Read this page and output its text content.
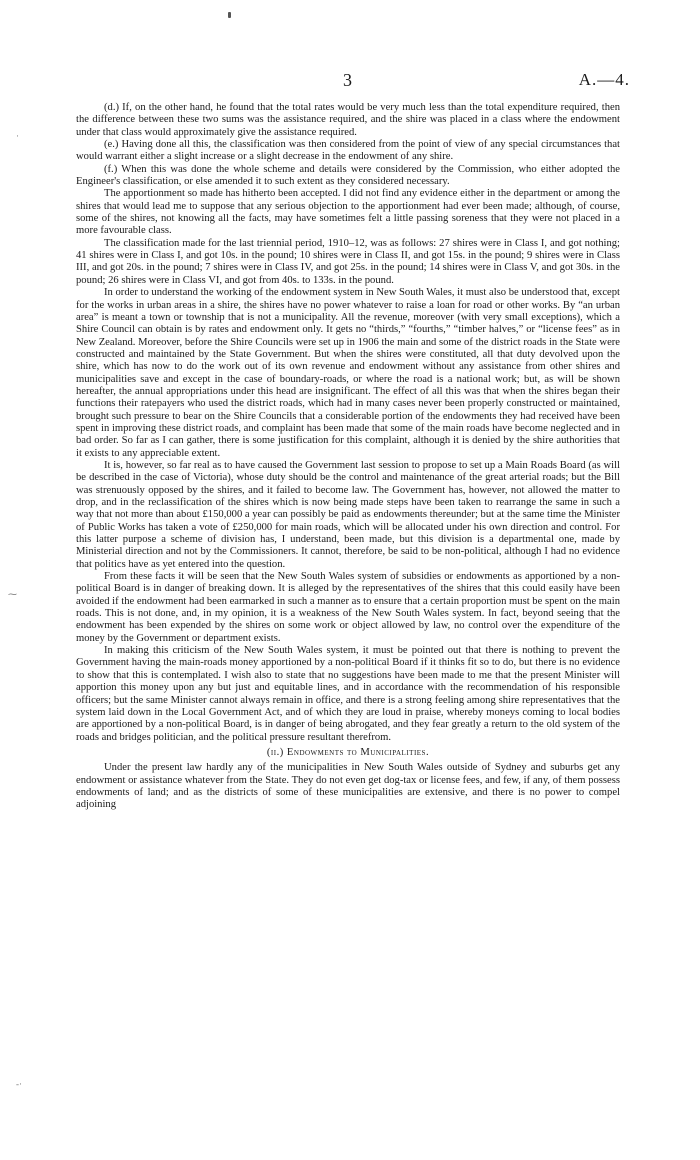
·
⁓
-·
3	A.—4.

(d.) If, on the other hand, he found that the total rates would be very much less than the total expenditure required, then the difference between these two sums was the assistance required, and the shire was placed in a class where the endowment under that class would approximately give the assistance required.

(e.) Having done all this, the classification was then considered from the point of view of any special circumstances that would warrant either a slight increase or a slight decrease in the endowment of any shire.

(f.) When this was done the whole scheme and details were considered by the Commission, who either adopted the Engineer's classification, or else amended it to such extent as they considered necessary.

The apportionment so made has hitherto been accepted. I did not find any evidence either in the department or among the shires that would lead me to suppose that any serious objection to the apportionment had ever been made; although, of course, some of the shires, not knowing all the facts, may have sometimes felt a little passing soreness that they were not placed in a more favourable class.

The classification made for the last triennial period, 1910–12, was as follows: 27 shires were in Class I, and got nothing; 41 shires were in Class I, and got 10s. in the pound; 10 shires were in Class II, and got 15s. in the pound; 9 shires were in Class III, and got 20s. in the pound; 7 shires were in Class IV, and got 25s. in the pound; 14 shires were in Class V, and got 30s. in the pound; 26 shires were in Class VI, and got from 40s. to 133s. in the pound.

In order to understand the working of the endowment system in New South Wales, it must also be understood that, except for the works in urban areas in a shire, the shires have no power whatever to raise a loan for road or other works. By “an urban area” is meant a town or township that is not a municipality. All the revenue, moreover (with very small exceptions), which a Shire Council can obtain is by rates and endowment only. It gets no “thirds,” “fourths,” “timber halves,” or “license fees” as in New Zealand. Moreover, before the Shire Councils were set up in 1906 the main and some of the district roads in the State were constructed and maintained by the State Government. But when the shires were constituted, all that duty devolved upon the shire, which has now to do the work out of its own revenue and endowment without any assistance from other shires and municipalities save and except in the case of boundary-roads, or where the road is a national work; but, as will be shown hereafter, the annual appropriations under this head are insignificant. The effect of all this was that when the shires began their functions their ratepayers who used the district roads, which had in many cases never been properly constructed or maintained, brought such pressure to bear on the Shire Councils that a considerable portion of the endowments they had received have been spent in improving these district roads, and complaint has been made that some of the main roads have become neglected and in bad order. So far as I can gather, there is some justification for this complaint, although it is denied by the shire authorities that it exists to any appreciable extent.

It is, however, so far real as to have caused the Government last session to propose to set up a Main Roads Board (as will be described in the case of Victoria), whose duty should be the control and maintenance of the great arterial roads; but the Bill was strenuously opposed by the shires, and it failed to become law. The Government has, however, not allowed the matter to drop, and in the reclassification of the shires which is now being made steps have been taken to rearrange the same in such a way that not more than about £150,000 a year can possibly be paid as endowments thereunder; but at the same time the Minister of Public Works has taken a vote of £250,000 for main roads, which will be allocated under his own direction and control. For this latter purpose a scheme of division has, I understand, been made, but this division is a departmental one, made by Ministerial direction and not by the Commissioners. It cannot, therefore, be said to be non-political, although I had no evidence that politics have as yet entered into the question.

From these facts it will be seen that the New South Wales system of subsidies or endowments as apportioned by a non-political Board is in danger of breaking down. It is alleged by the representatives of the shires that this could easily have been avoided if the endowment had been earmarked in such a manner as to ensure that a certain proportion must be spent on the main roads. This is not done, and, in my opinion, it is a weakness of the New South Wales system. In fact, beyond seeing that the endowment has been expended by the shires on some work or object allowed by law, no control over the expenditure of the money by the Government or department exists.

In making this criticism of the New South Wales system, it must be pointed out that there is nothing to prevent the Government having the main-roads money apportioned by a non-political Board if it thinks fit so to do, but there is no evidence to show that this is contemplated. I wish also to state that no suggestions have been made to me that the present Minister will apportion this money upon any but just and equitable lines, and in accordance with the recommendation of his responsible officers; but the same Minister cannot always remain in office, and there is a strong feeling among shire representatives that the system laid down in the Local Government Act, and of which they are loud in praise, whereby moneys coming to local bodies are apportioned by a non-political Board, is in danger of being abrogated, and they fear greatly a return to the old system of the roads and bridges politician, and the political pressure resultant therefrom.

(ii.) Endowments to Municipalities.

Under the present law hardly any of the municipalities in New South Wales outside of Sydney and suburbs get any endowment or assistance whatever from the State. They do not even get dog-tax or license fees, and few, if any, of them possess endowments of land; and as the districts of some of these municipalities are extensive, and there is no power to compel adjoining
